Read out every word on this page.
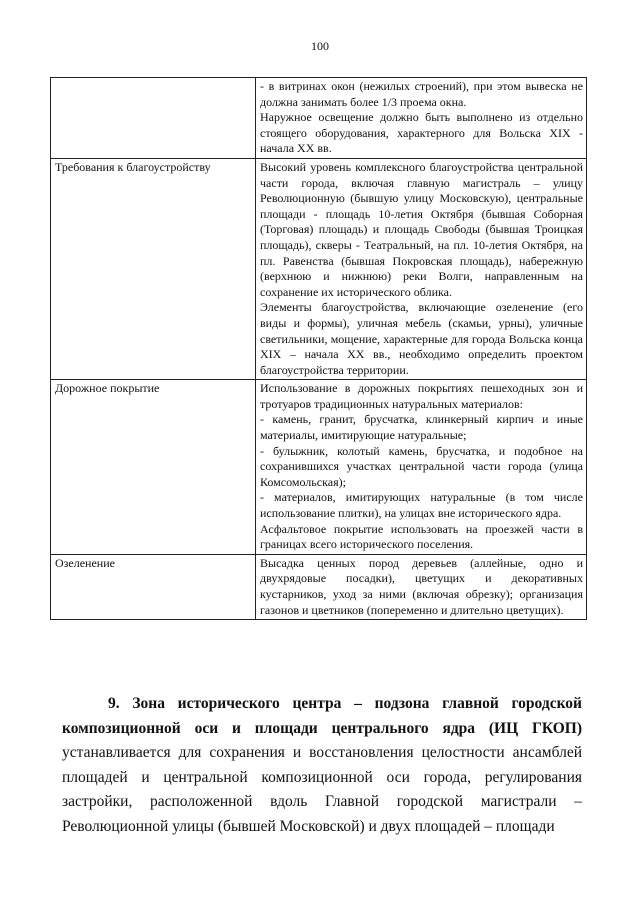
100

	- в витринах окон (нежилых строений), при этом вывеска не должна занимать более 1/3 проема окна.

Наружное освещение должно быть выполнено из отдельно стоящего оборудования, характерного для Вольска XIX - начала XX вв.

Требования к благоустройству	Высокий уровень комплексного благоустройства центральной части города, включая главную магистраль – улицу Революционную (бывшую улицу Московскую), центральные площади - площадь 10-летия Октября (бывшая Соборная (Торговая) площадь) и площадь Свободы (бывшая Троицкая площадь), скверы - Театральный, на пл. 10-летия Октября, на пл. Равенства (бывшая Покровская площадь), набережную (верхнюю и нижнюю) реки Волги, направленным на сохранение их исторического облика.

Элементы благоустройства, включающие озеленение (его виды и формы), уличная мебель (скамьи, урны), уличные светильники, мощение, характерные для города Вольска конца XIX – начала XX вв., необходимо определить проектом благоустройства территории.

Дорожное покрытие	Использование в дорожных покрытиях пешеходных зон и тротуаров традиционных натуральных материалов:

- камень, гранит, брусчатка, клинкерный кирпич и иные материалы, имитирующие натуральные;

- булыжник, колотый камень, брусчатка, и подобное на сохранившихся участках центральной части города (улица Комсомольская);

- материалов, имитирующих натуральные (в том числе использование плитки), на улицах вне исторического ядра.

Асфальтовое покрытие использовать на проезжей части в границах всего исторического поселения.

Озеленение	Высадка ценных пород деревьев (аллейные, одно и двухрядовые посадки), цветущих и декоративных кустарников, уход за ними (включая обрезку); организация газонов и цветников (попеременно и длительно цветущих).

9. Зона исторического центра – подзона главной городской композиционной оси и площади центрального ядра (ИЦ ГКОП) устанавливается для сохранения и восстановления целостности ансамблей площадей и центральной композиционной оси города, регулирования застройки, расположенной вдоль Главной городской магистрали – Революционной улицы (бывшей Московской) и двух площадей – площади
